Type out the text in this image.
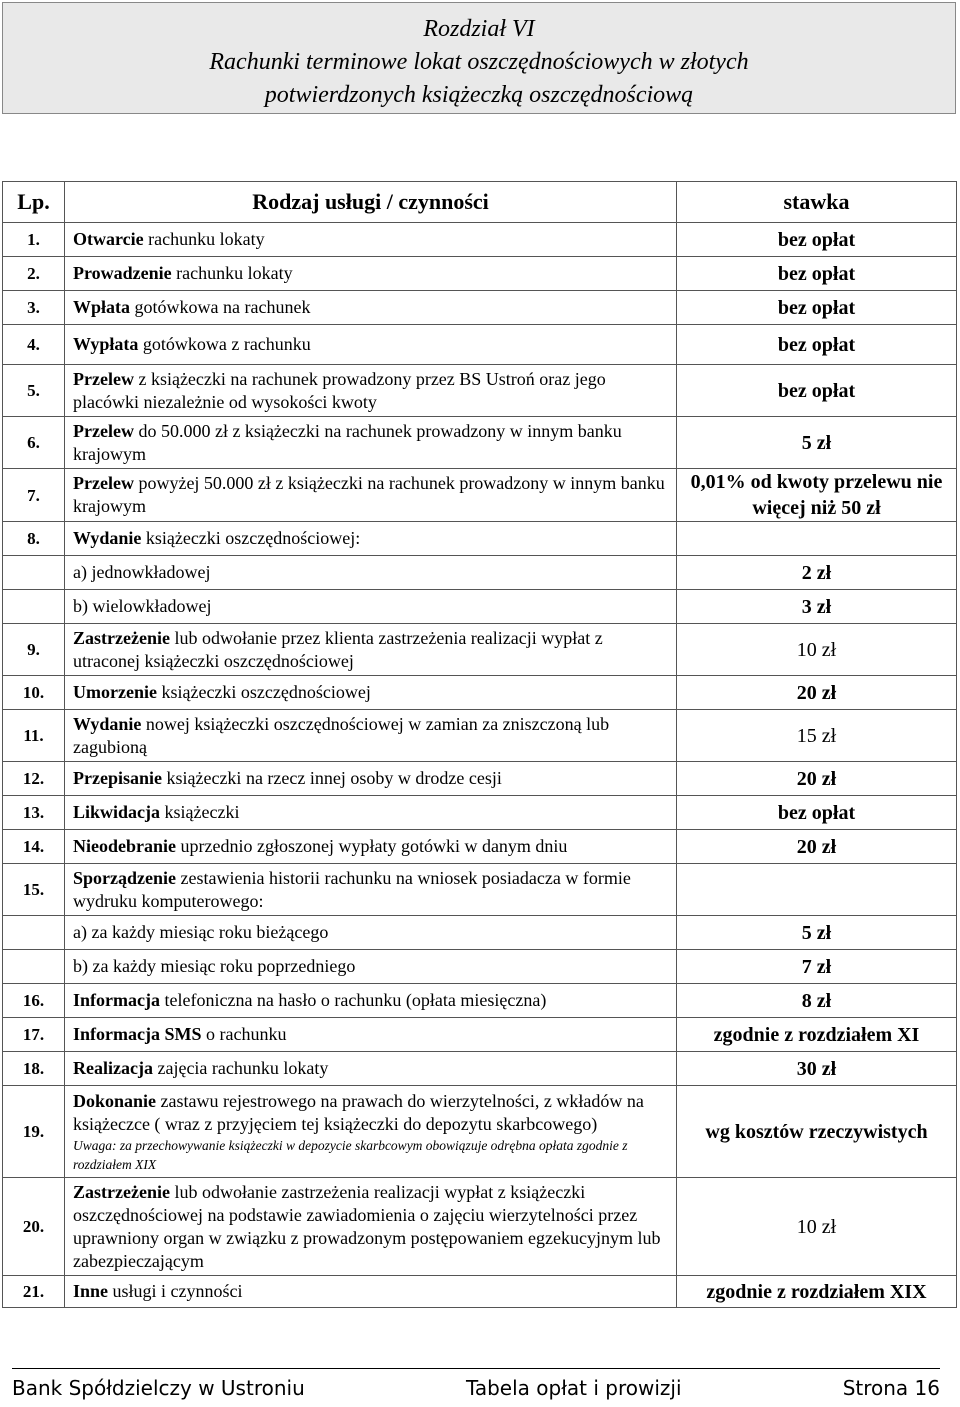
Rozdział VI
Rachunki terminowe lokat oszczędnościowych w złotych
potwierdzonych książeczką oszczędnościową
Lp.	Rodzaj usługi / czynności	stawka
1.	Otwarcie rachunku lokaty	bez opłat
2.	Prowadzenie rachunku lokaty	bez opłat
3.	Wpłata gotówkowa na rachunek	bez opłat
4.	Wypłata gotówkowa z rachunku	bez opłat
5.	Przelew z książeczki na rachunek prowadzony przez BS Ustroń oraz jego placówki niezależnie od wysokości kwoty	bez opłat
6.	Przelew do 50.000 zł z książeczki na rachunek prowadzony w innym banku krajowym	5 zł
7.	Przelew powyżej 50.000 zł z książeczki na rachunek prowadzony w innym banku krajowym	0,01% od kwoty przelewu nie więcej niż 50 zł
8.	Wydanie książeczki oszczędnościowej:	
	a) jednowkładowej	2 zł
	b) wielowkładowej	3 zł
9.	Zastrzeżenie lub odwołanie przez klienta zastrzeżenia realizacji wypłat z utraconej książeczki oszczędnościowej	10 zł
10.	Umorzenie książeczki oszczędnościowej	20 zł
11.	Wydanie nowej książeczki oszczędnościowej w zamian za zniszczoną lub zagubioną	15 zł
12.	Przepisanie książeczki na rzecz innej osoby w drodze cesji	20 zł
13.	Likwidacja książeczki	bez opłat
14.	Nieodebranie uprzednio zgłoszonej wypłaty gotówki w danym dniu	20 zł
15.	Sporządzenie zestawienia historii rachunku na wniosek posiadacza w formie wydruku komputerowego:	
	a) za każdy miesiąc roku bieżącego	5 zł
	b) za każdy miesiąc roku poprzedniego	7 zł
16.	Informacja telefoniczna na hasło o rachunku (opłata miesięczna)	8 zł
17.	Informacja SMS o rachunku	zgodnie z rozdziałem XI
18.	Realizacja zajęcia rachunku lokaty	30 zł
19.	Dokonanie zastawu rejestrowego na prawach do wierzytelności, z wkładów na książeczce ( wraz z przyjęciem tej książeczki do depozytu skarbcowego)
Uwaga: za przechowywanie książeczki w depozycie skarbcowym obowiązuje odrębna opłata zgodnie z rozdziałem XIX	wg kosztów rzeczywistych
20.	Zastrzeżenie lub odwołanie zastrzeżenia realizacji wypłat z książeczki oszczędnościowej na podstawie zawiadomienia o zajęciu wierzytelności przez uprawniony organ w związku z prowadzonym postępowaniem egzekucyjnym lub zabezpieczającym	10 zł
21.	Inne usługi i czynności	zgodnie z rozdziałem XIX
Bank Spółdzielczy w Ustroniu	Tabela opłat i prowizji	Strona 16
